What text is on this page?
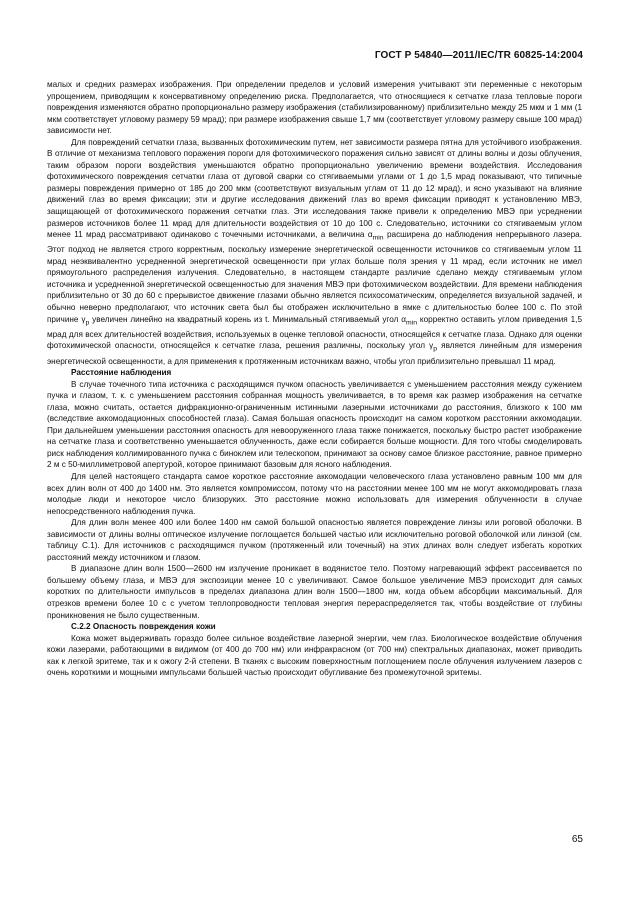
ГОСТ Р 54840—2011/IEC/TR 60825-14:2004

малых и средних размерах изображения. При определении пределов и условий измерения учитывают эти переменные с некоторым упрощением, приводящим к консервативному определению риска. Предполагается, что относящиеся к сетчатке глаза тепловые пороги повреждения изменяются обратно пропорционально размеру изображения (стабилизированному) приблизительно между 25 мкм и 1 мм (1 мкм соответствует угловому размеру 59 мрад); при размере изображения свыше 1,7 мм (соответствует угловому размеру свыше 100 мрад) зависимости нет.

Для повреждений сетчатки глаза, вызванных фотохимическим путем, нет зависимости размера пятна для устойчивого изображения. В отличие от механизма теплового поражения пороги для фотохимического поражения сильно зависят от длины волны и дозы облучения, таким образом пороги воздействия уменьшаются обратно пропорционально увеличению времени воздействия. Исследования фотохимического повреждения сетчатки глаза от дуговой сварки со стягиваемыми углами от 1 до 1,5 мрад показывают, что типичные размеры повреждения примерно от 185 до 200 мкм (соответствуют визуальным углам от 11 до 12 мрад), и ясно указывают на влияние движений глаз во время фиксации; эти и другие исследования движений глаз во время фиксации приводят к установлению МВЭ, защищающей от фотохимического поражения сетчатки глаз. Эти исследования также привели к определению МВЭ при усреднении размеров источников более 11 мрад для длительности воздействия от 10 до 100 с. Следовательно, источники со стягиваемым углом менее 11 мрад рассматривают одинаково с точечными источниками, а величина $\alpha_{min}$ расширена до наблюдения непрерывного лазера. Этот подход не является строго корректным, поскольку измерение энергетической освещенности источников со стягиваемым углом 11 мрад неэквивалентно усредненной энергетической освещенности при углах больше поля зрения γ 11 мрад, если источник не имел прямоугольного распределения излучения. Следовательно, в настоящем стандарте различие сделано между стягиваемым углом источника и усредненной энергетической освещенностью для значения МВЭ при фотохимическом воздействии. Для времени наблюдения приблизительно от 30 до 60 с прерывистое движение глазами обычно является психосоматическим, определяется визуальной задачей, и обычно неверно предполагают, что источник света был бы отображен исключительно в ямке с длительностью более 100 с. По этой причине $\gamma_p$ увеличен линейно на квадратный корень из t. Минимальный стягиваемый угол $\alpha_{min}$ корректно оставить углом приведения 1,5 мрад для всех длительностей воздействия, используемых в оценке тепловой опасности, относящейся к сетчатке глаза. Однако для оценки фотохимической опасности, относящейся к сетчатке глаза, решения различны, поскольку угол $\gamma_p$ является линейным для измерения энергетической освещенности, а для применения к протяженным источникам важно, чтобы угол приблизительно превышал 11 мрад.

Расстояние наблюдения

В случае точечного типа источника с расходящимся пучком опасность увеличивается с уменьшением расстояния между сужением пучка и глазом, т. к. с уменьшением расстояния собранная мощность увеличивается, в то время как размер изображения на сетчатке глаза, можно считать, остается дифракционно-ограниченным истинными лазерными источниками до расстояния, близкого к 100 мм (вследствие аккомодационных способностей глаза). Самая большая опасность происходит на самом коротком расстоянии аккомодации. При дальнейшем уменьшении расстояния опасность для невооруженного глаза также понижается, поскольку быстро растет изображение на сетчатке глаза и соответственно уменьшается облученность, даже если собирается больше мощности. Для того чтобы смоделировать риск наблюдения коллимированного пучка с биноклем или телескопом, принимают за основу самое близкое расстояние, равное примерно 2 м с 50-миллиметровой апертурой, которое принимают базовым для ясного наблюдения.

Для целей настоящего стандарта самое короткое расстояние аккомодации человеческого глаза установлено равным 100 мм для всех длин волн от 400 до 1400 нм. Это является компромиссом, потому что на расстоянии менее 100 мм не могут аккомодировать глаза молодые люди и некоторое число близоруких. Это расстояние можно использовать для измерения облученности в случае непосредственного наблюдения пучка.

Для длин волн менее 400 или более 1400 нм самой большой опасностью является повреждение линзы или роговой оболочки. В зависимости от длины волны оптическое излучение поглощается большей частью или исключительно роговой оболочкой или линзой (см. таблицу С.1). Для источников с расходящимся пучком (протяженный или точечный) на этих длинах волн следует избегать коротких расстояний между источником и глазом.

В диапазоне длин волн 1500—2600 нм излучение проникает в водянистое тело. Поэтому нагревающий эффект рассеивается по большему объему глаза, и МВЭ для экспозиции менее 10 с увеличивают. Самое большое увеличение МВЭ происходит для самых коротких по длительности импульсов в пределах диапазона длин волн 1500—1800 нм, когда объем абсорбции максимальный. Для отрезков времени более 10 с с учетом теплопроводности тепловая энергия перераспределяется так, чтобы воздействие от глубины проникновения не было существенным.

С.2.2 Опасность повреждения кожи

Кожа может выдерживать гораздо более сильное воздействие лазерной энергии, чем глаз. Биологическое воздействие облучения кожи лазерами, работающими в видимом (от 400 до 700 нм) или инфракрасном (от 700 нм) спектральных диапазонах, может приводить как к легкой эритеме, так и к ожогу 2-й степени. В тканях с высоким поверхностным поглощением после облучения излучением лазеров с очень короткими и мощными импульсами большей частью происходит обугливание без промежуточной эритемы.

65
